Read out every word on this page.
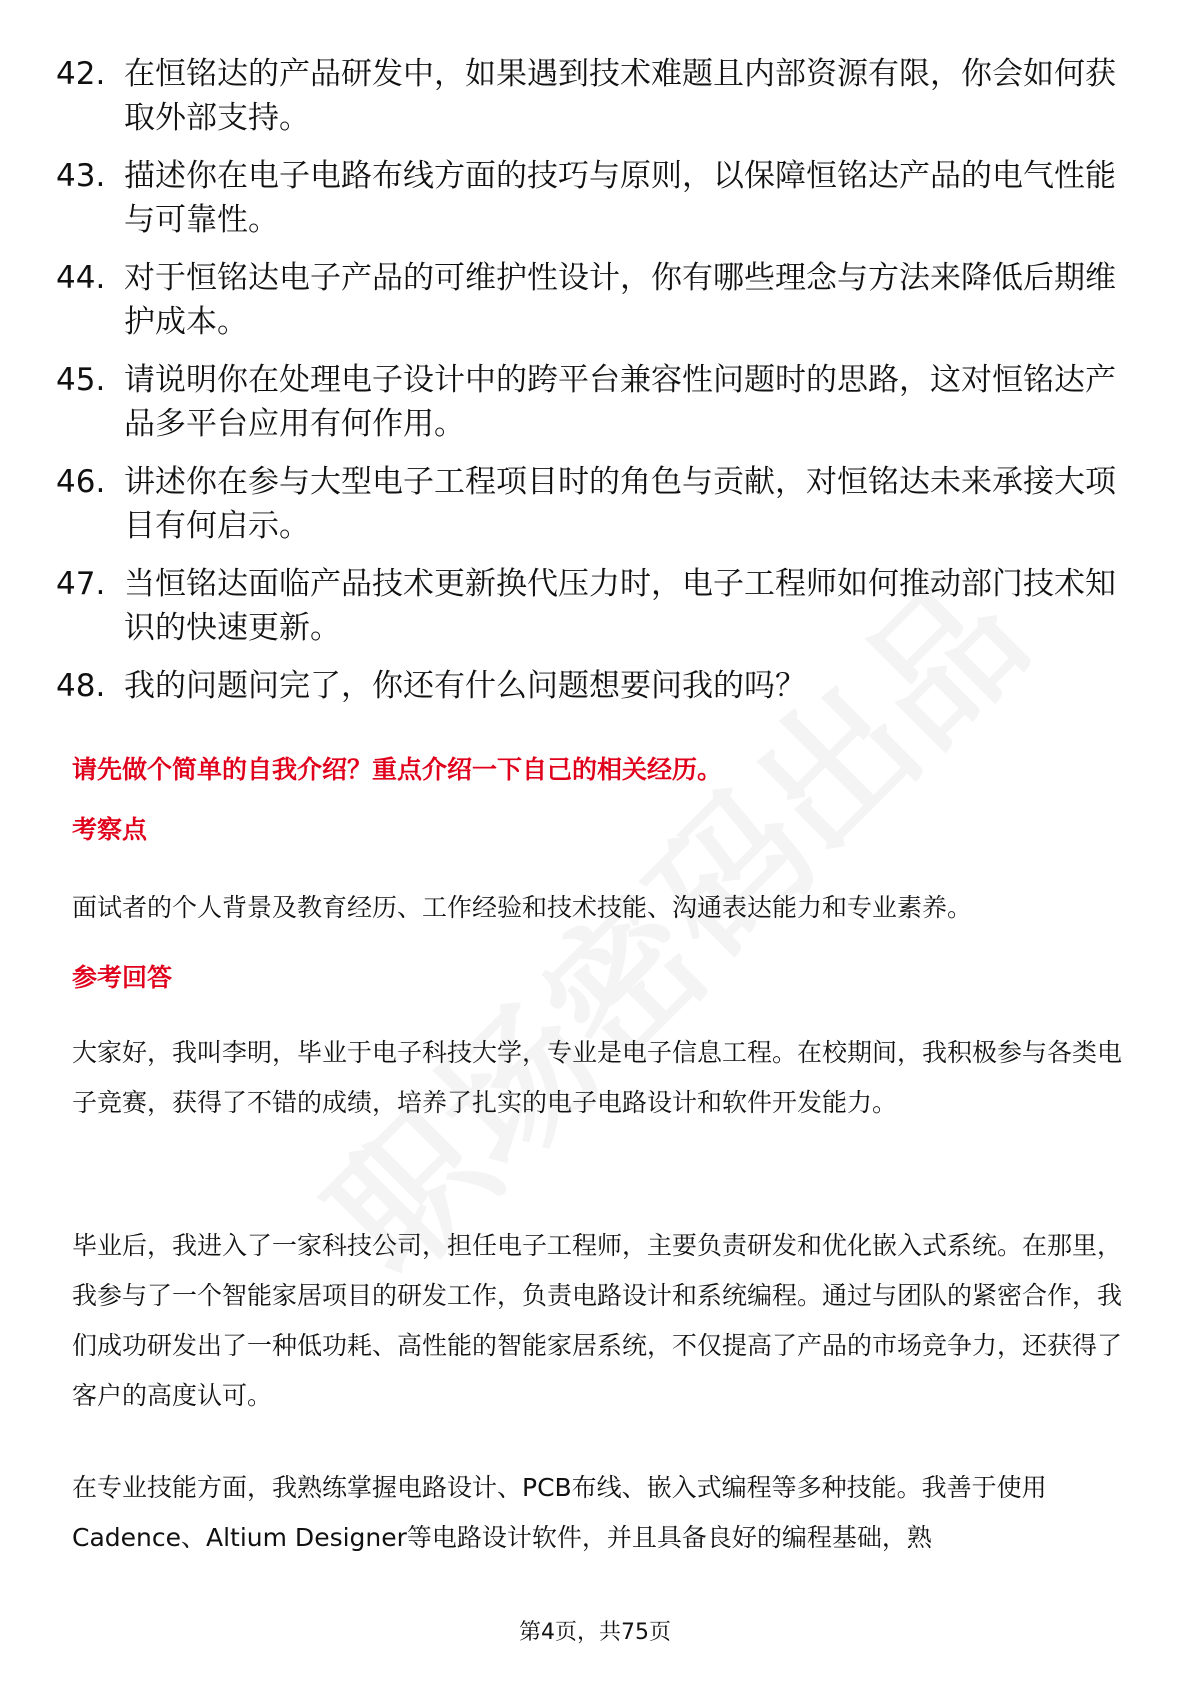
42. 在恒铭达的产品研发中，如果遇到技术难题且内部资源有限，你会如何获取外部支持。
43. 描述你在电子电路布线方面的技巧与原则，以保障恒铭达产品的电气性能与可靠性。
44. 对于恒铭达电子产品的可维护性设计，你有哪些理念与方法来降低后期维护成本。
45. 请说明你在处理电子设计中的跨平台兼容性问题时的思路，这对恒铭达产品多平台应用有何作用。
46. 讲述你在参与大型电子工程项目时的角色与贡献，对恒铭达未来承接大项目有何启示。
47. 当恒铭达面临产品技术更新换代压力时，电子工程师如何推动部门技术知识的快速更新。
48. 我的问题问完了，你还有什么问题想要问我的吗？
请先做个简单的自我介绍？重点介绍一下自己的相关经历。
考察点

面试者的个人背景及教育经历、工作经验和技术技能、沟通表达能力和专业素养。

参考回答

大家好，我叫李明，毕业于电子科技大学，专业是电子信息工程。在校期间，我积极参与各类电子竞赛，获得了不错的成绩，培养了扎实的电子电路设计和软件开发能力。

毕业后，我进入了一家科技公司，担任电子工程师，主要负责研发和优化嵌入式系统。在那里，我参与了一个智能家居项目的研发工作，负责电路设计和系统编程。通过与团队的紧密合作，我们成功研发出了一种低功耗、高性能的智能家居系统，不仅提高了产品的市场竞争力，还获得了客户的高度认可。

在专业技能方面，我熟练掌握电路设计、PCB布线、嵌入式编程等多种技能。我善于使用Cadence、Altium Designer等电路设计软件，并且具备良好的编程基础，熟

第4页，共75页
